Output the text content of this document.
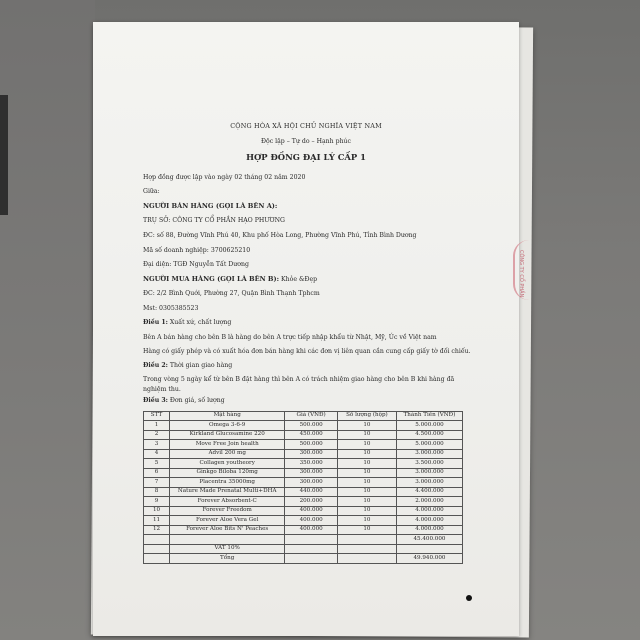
CỘNG HÒA XÃ HỘI CHỦ NGHĨA VIỆT NAM
Độc lập – Tự do – Hạnh phúc
HỢP ĐỒNG ĐẠI LÝ CẤP 1
Hợp đồng được lập vào ngày 02 tháng 02 năm 2020
Giữa:
NGƯỜI BÁN HÀNG (GỌI LÀ BÊN A):
TRỤ SỞ: CÔNG TY CỔ PHẦN HẠO PHƯƠNG
ĐC: số 88, Đường Vĩnh Phú 40, Khu phố Hòa Long, Phường Vĩnh Phú, Tỉnh Bình Dương
Mã số doanh nghiệp: 3700625210
Đại diện: TGĐ Nguyễn Tất Dương
NGƯỜI MUA HÀNG (GỌI LÀ BÊN B): Khỏe &Đẹp
ĐC: 2/2 Bình Quới, Phường 27, Quận Bình Thạnh Tphcm
Mst: 0305385523
Điều 1: Xuất xứ, chất lượng
Bên A bán hàng cho bên B là hàng do bên A trực tiếp nhập khẩu từ Nhật, Mỹ, Úc về Việt nam
Hàng có giấy phép và có xuất hóa đơn bán hàng khi các đơn vị liên quan cần cung cấp giấy tờ đối chiếu.
Điều 2: Thời gian giao hàng
Trong vòng 5 ngày kể từ bên B đặt hàng thì bên A có trách nhiệm giao hàng cho bên B khi hàng đã
nghiệm thu.
Điều 3: Đơn giá, số lượng
STT	Mặt hàng	Giá (VNĐ)	Số lượng (hộp)	Thành Tiền (VNĐ)
1	Omega 3-6-9	500.000	10	5.000.000
2	Kirkland Glucosamine 220	450.000	10	4.500.000
3	Move Free Join health	500.000	10	5.000.000
4	Advil 200 mg	300.000	10	3.000.000
5	Collagen youtheory	350.000	10	3.500.000
6	Ginkgo Biloba 120mg	300.000	10	3.000.000
7	Placentra 35000mg	300.000	10	3.000.000
8	Nature Made Prenatal Multi+DHA	440.000	10	4.400.000
9	Forever Absorbent-C	200.000	10	2.000.000
10	Forever Freedom	400.000	10	4.000.000
11	Forever Aloe Vera Gel	400.000	10	4.000.000
12	Forever Aloe Bits N' Peaches	400.000	10	4.000.000
				45.400.000
	VAT 10%			
	Tổng			49.940.000
CÔNG TY CỔ PHẦN
